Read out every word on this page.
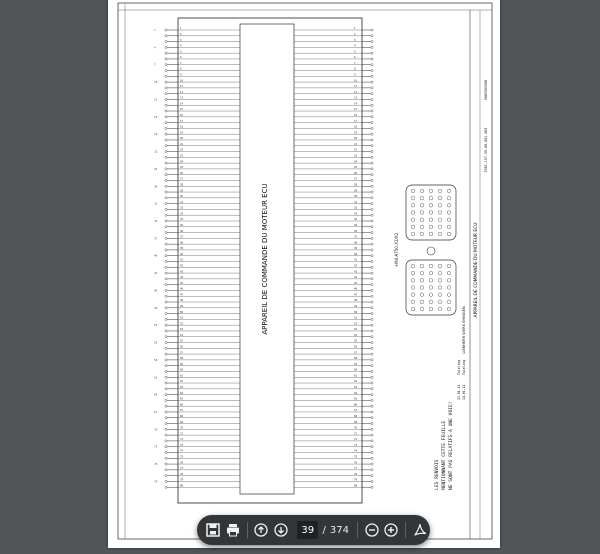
APPAREIL DE COMMANDE DU MOTEUR ECU
1
1
2
3
4
4
5
6
7
7
8
9
10
10
11
12
13
13
14
15
16
16
17
18
19
19
20
21
22
22
23
24
25
25
26
27
28
28
29
30
31
31
32
33
34
34
35
36
37
37
38
39
40
40
41
42
43
43
44
45
46
46
47
48
49
49
50
51
52
52
53
54
55
55
56
57
58
58
59
60
61
61
62
63
64
64
65
66
67
67
68
69
70
70
71
72
73
73
74
75
76
76
77
78
79
79
80
1
2
3
4
5
6
7
8
9
10
11
12
13
14
15
16
17
18
19
20
21
22
23
24
25
26
27
28
29
30
31
32
33
34
35
36
37
38
39
40
41
42
43
44
45
46
47
48
49
50
51
52
53
54
55
56
57
58
59
60
61
62
63
64
65
66
67
68
69
70
71
72
73
74
75
76
77
78
79
80
+M4-A750.X1/X2
LES RENVOIS MENTIONNANT CETTE FEUILLE NE SONT PAS RELATIFS A UNE VOIE!
APPAREIL DE COMMANDE DU MOTEUR ECU
LIEBHERR WERK EHINGEN
9865995508
3381-157.39.00.001-003
13.01.11 14.01.11
Twieling Twieling
39 / 374
